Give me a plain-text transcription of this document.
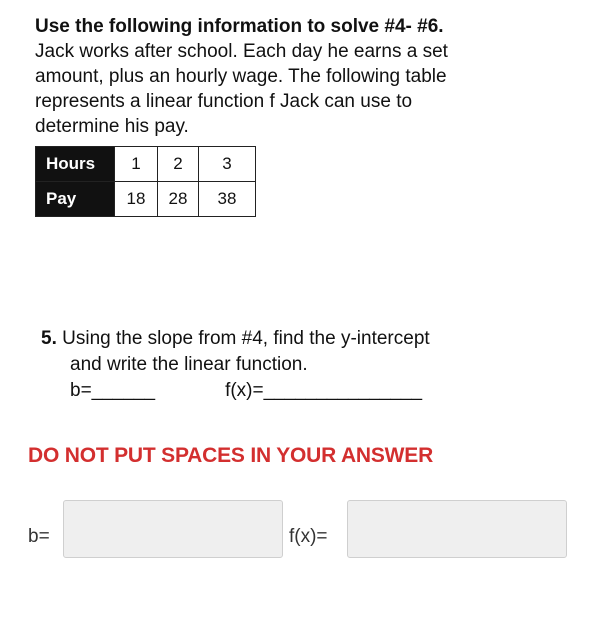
Use the following information to solve #4- #6.
Jack works after school. Each day he earns a set
amount, plus an hourly wage. The following table
represents a linear function f Jack can use to
determine his pay.
Hours	1	2	3
Pay	18	28	38
5. Using the slope from #4, find the y-intercept
and write the linear function.
b=______	f(x)=_______________
DO NOT PUT SPACES IN YOUR ANSWER
b=	f(x)=
